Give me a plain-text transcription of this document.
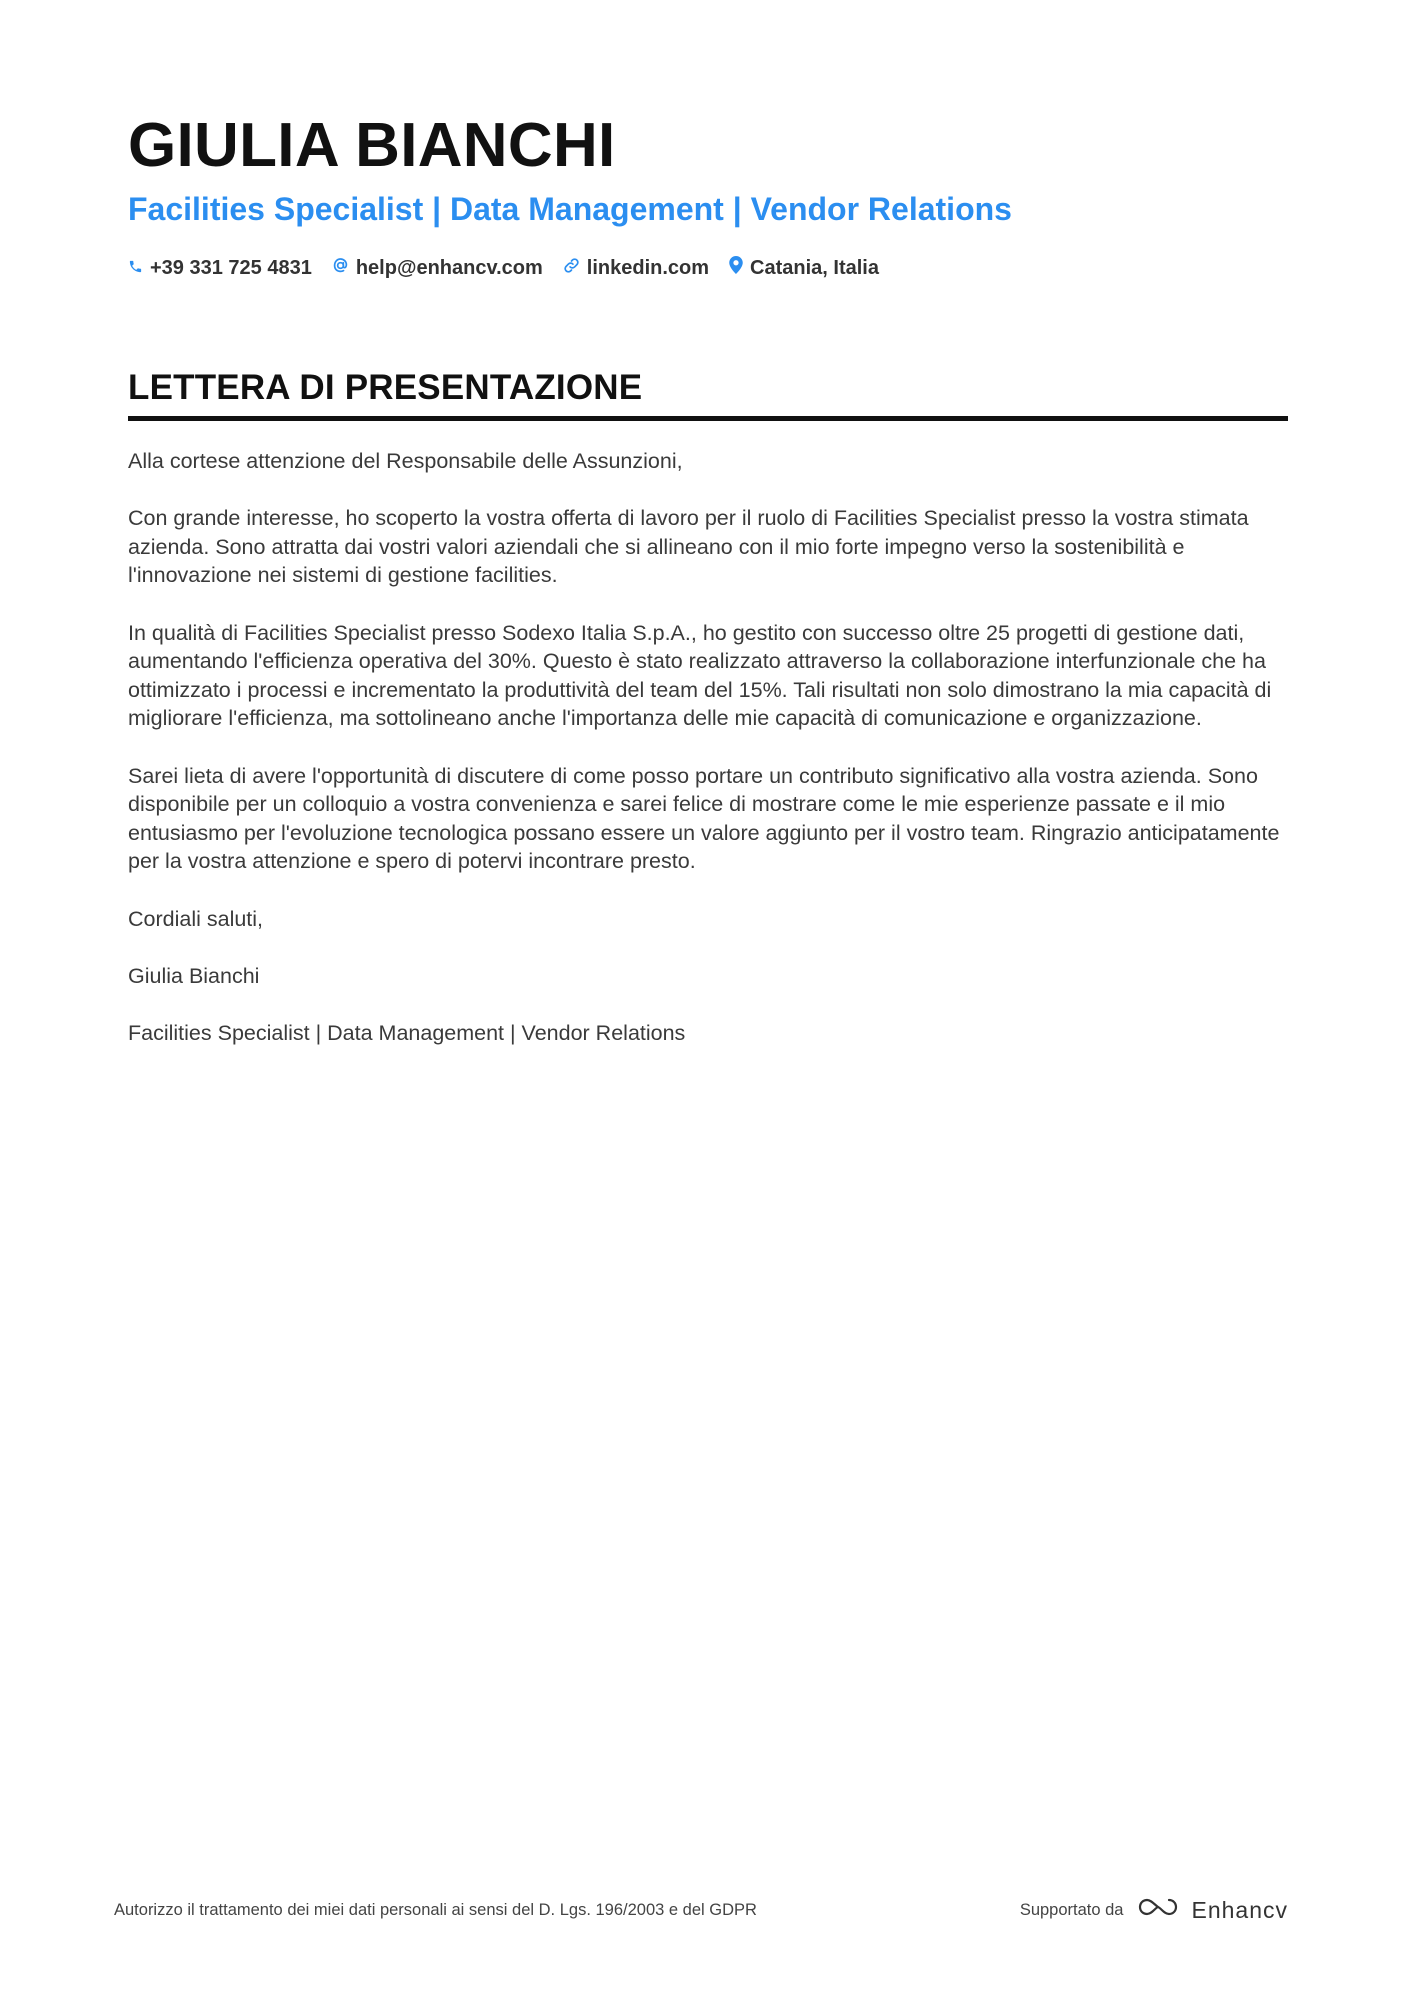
GIULIA BIANCHI
Facilities Specialist | Data Management | Vendor Relations
+39 331 725 4831 help@enhancv.com linkedin.com Catania, Italia
LETTERA DI PRESENTAZIONE

Alla cortese attenzione del Responsabile delle Assunzioni,

Con grande interesse, ho scoperto la vostra offerta di lavoro per il ruolo di Facilities Specialist presso la vostra stimata azienda. Sono attratta dai vostri valori aziendali che si allineano con il mio forte impegno verso la sostenibilità e l'innovazione nei sistemi di gestione facilities.

In qualità di Facilities Specialist presso Sodexo Italia S.p.A., ho gestito con successo oltre 25 progetti di gestione dati, aumentando l'efficienza operativa del 30%. Questo è stato realizzato attraverso la collaborazione interfunzionale che ha ottimizzato i processi e incrementato la produttività del team del 15%. Tali risultati non solo dimostrano la mia capacità di migliorare l'efficienza, ma sottolineano anche l'importanza delle mie capacità di comunicazione e organizzazione.

Sarei lieta di avere l'opportunità di discutere di come posso portare un contributo significativo alla vostra azienda. Sono disponibile per un colloquio a vostra convenienza e sarei felice di mostrare come le mie esperienze passate e il mio entusiasmo per l'evoluzione tecnologica possano essere un valore aggiunto per il vostro team. Ringrazio anticipatamente per la vostra attenzione e spero di potervi incontrare presto.

Cordiali saluti,

Giulia Bianchi

Facilities Specialist | Data Management | Vendor Relations

Autorizzo il trattamento dei miei dati personali ai sensi del D. Lgs. 196/2003 e del GDPR	Supportato da	Enhancv
